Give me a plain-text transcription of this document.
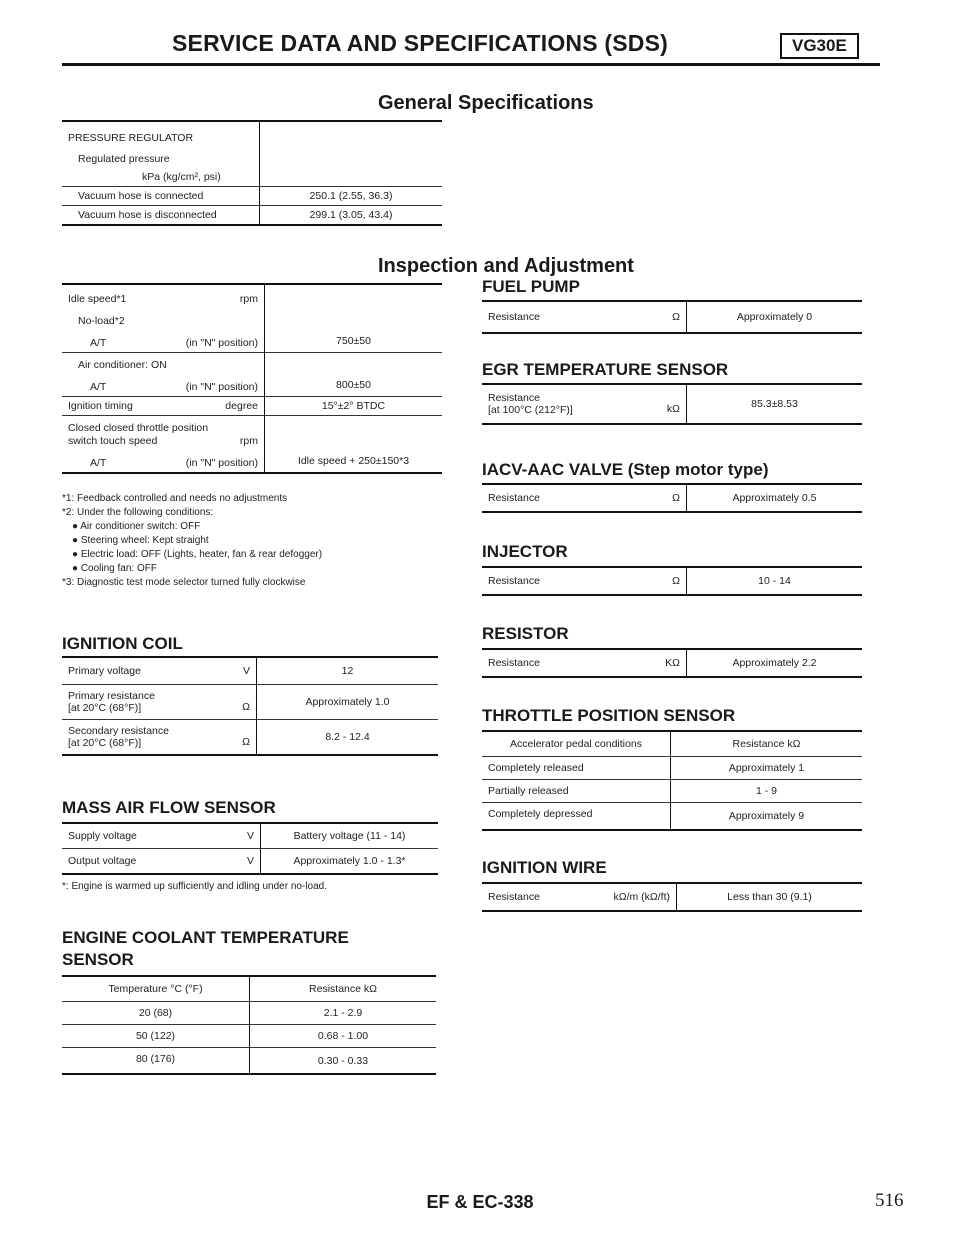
SERVICE DATA AND SPECIFICATIONS (SDS)	VG30E
General Specifications
PRESSURE REGULATOR	
Regulated pressure	
kPa (kg/cm², psi)	
Vacuum hose is connected	250.1 (2.55, 36.3)
Vacuum hose is disconnected	299.1 (3.05, 43.4)
Inspection and Adjustment
Idle speed*1 rpm	

No-load*2	
A/T (in "N" position)	750±50
Air conditioner: ON	
A/T (in "N" position)	800±50
Ignition timing degree	15°±2° BTDC
Closed closed throttle position	
switch touch speed rpm	

A/T (in "N" position)	Idle speed + 250±150*3
*1: Feedback controlled and needs no adjustments
*2: Under the following conditions:
● Air conditioner switch: OFF
● Steering wheel: Kept straight
● Electric load: OFF (Lights, heater, fan & rear defogger)
● Cooling fan: OFF
*3: Diagnostic test mode selector turned fully clockwise
IGNITION COIL
Primary voltage	V	12

Primary resistance
[at 20°C (68°F)]	Ω	Approximately 1.0

Secondary resistance
[at 20°C (68°F)]	Ω	8.2 - 12.4
MASS AIR FLOW SENSOR
Supply voltage	V	Battery voltage (11 - 14)
Output voltage	V	Approximately 1.0 - 1.3*
*: Engine is warmed up sufficiently and idling under no-load.
ENGINE COOLANT TEMPERATURE
SENSOR
Temperature °C (°F)	Resistance kΩ
20 (68)	2.1 - 2.9
50 (122)	0.68 - 1.00
80 (176)	0.30 - 0.33
FUEL PUMP
Resistance	Ω	Approximately 0
EGR TEMPERATURE SENSOR
Resistance
[at 100°C (212°F)]	kΩ	85.3±8.53
IACV-AAC VALVE (Step motor type)
Resistance	Ω	Approximately 0.5
INJECTOR
Resistance	Ω	10 - 14
RESISTOR
Resistance	KΩ	Approximately 2.2
THROTTLE POSITION SENSOR
Accelerator pedal conditions	Resistance kΩ
Completely released	Approximately 1
Partially released	1 - 9
Completely depressed	Approximately 9
IGNITION WIRE
Resistance	kΩ/m (kΩ/ft)	Less than 30 (9.1)
EF & EC-338	516
